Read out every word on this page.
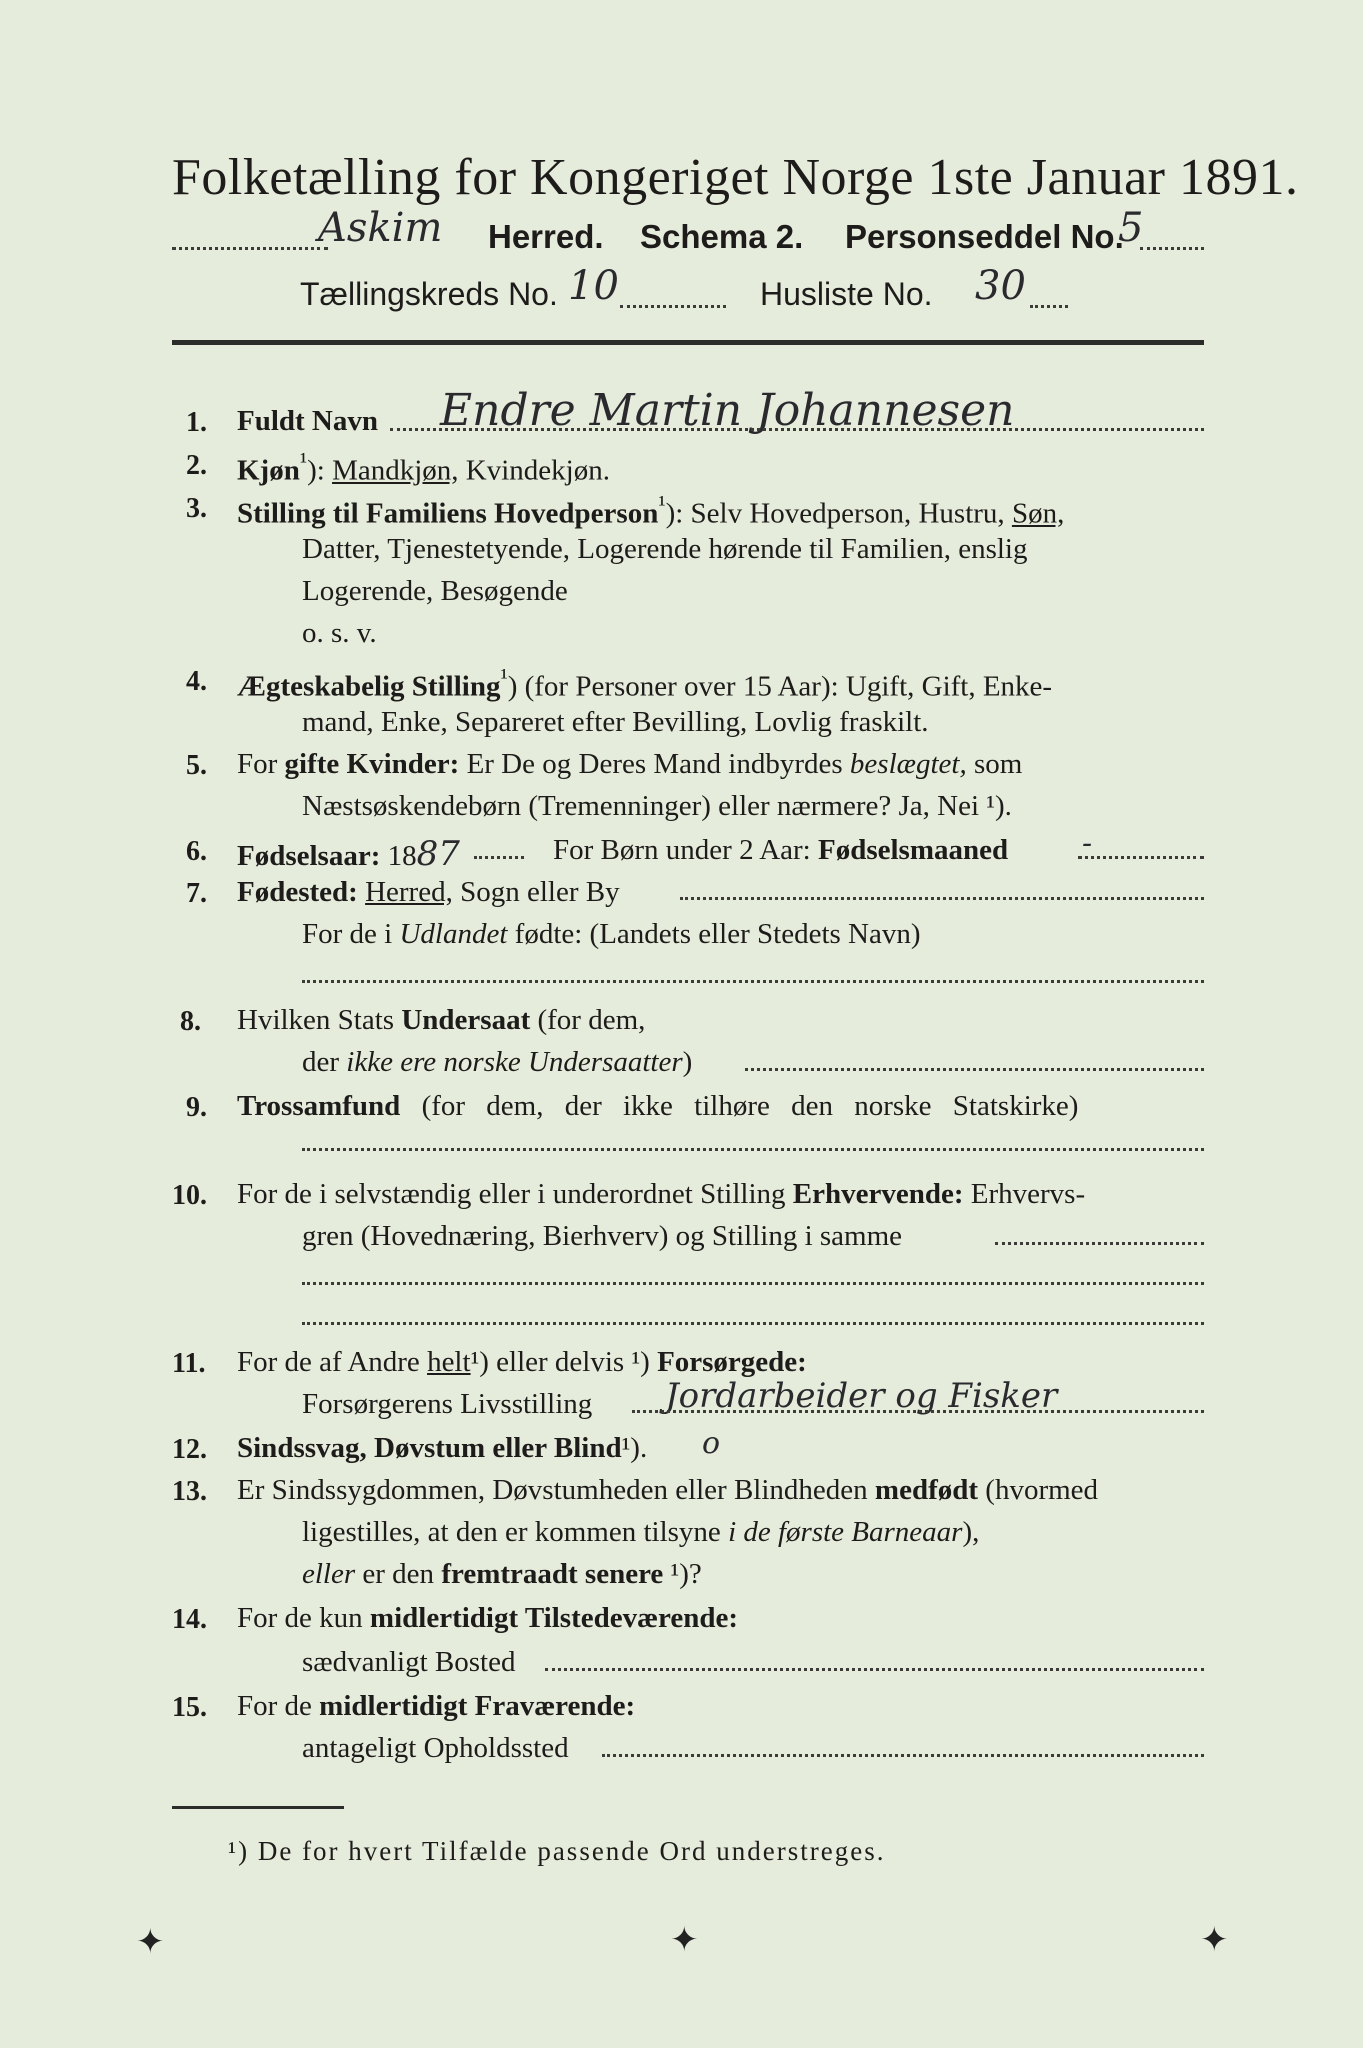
Folketælling for Kongeriget Norge 1ste Januar 1891.
Askim Herred. Schema 2. Personseddel No.
5
Tællingskreds No. 10	Husliste No. 30
1. Fuldt Navn Endre Martin Johannesen
2. Kjøn$^{^1}$): Mandkjøn, Kvindekjøn.
3. Stilling til Familiens Hovedperson$^{^1}$): Selv Hovedperson, Hustru, Søn,
Datter, Tjenestetyende, Logerende hørende til Familien, enslig
Logerende, Besøgende
o. s. v.
4. Ægteskabelig Stilling$^{^1}$) (for Personer over 15 Aar): Ugift, Gift, Enke-
mand, Enke, Separeret efter Bevilling, Lovlig fraskilt.
5. For gifte Kvinder: Er De og Deres Mand indbyrdes beslægtet, som
Næstsøskendebørn (Tremenninger) eller nærmere? Ja, Nei ¹).
6. Fødselsaar: 1887	For Børn under 2 Aar: Fødselsmaaned -
7. Fødested: Herred, Sogn eller By
For de i Udlandet fødte: (Landets eller Stedets Navn)
8. Hvilken Stats Undersaat (for dem,
der ikke ere norske Undersaatter)
9. Trossamfund (for dem, der ikke tilhøre den norske Statskirke)
10. For de i selvstændig eller i underordnet Stilling Erhvervende: Erhvervs-
gren (Hovednæring, Bierhverv) og Stilling i samme
11. For de af Andre helt¹) eller delvis ¹) Forsørgede:
Forsørgerens Livsstilling Jordarbeider og Fisker
12. Sindssvag, Døvstum eller Blind¹). o
13. Er Sindssygdommen, Døvstumheden eller Blindheden medfødt (hvormed
ligestilles, at den er kommen tilsyne i de første Barneaar),
eller er den fremtraadt senere ¹)?
14. For de kun midlertidigt Tilstedeværende:
sædvanligt Bosted
15. For de midlertidigt Fraværende:
antageligt Opholdssted
¹) De for hvert Tilfælde passende Ord understreges.
✦	✦	✦
